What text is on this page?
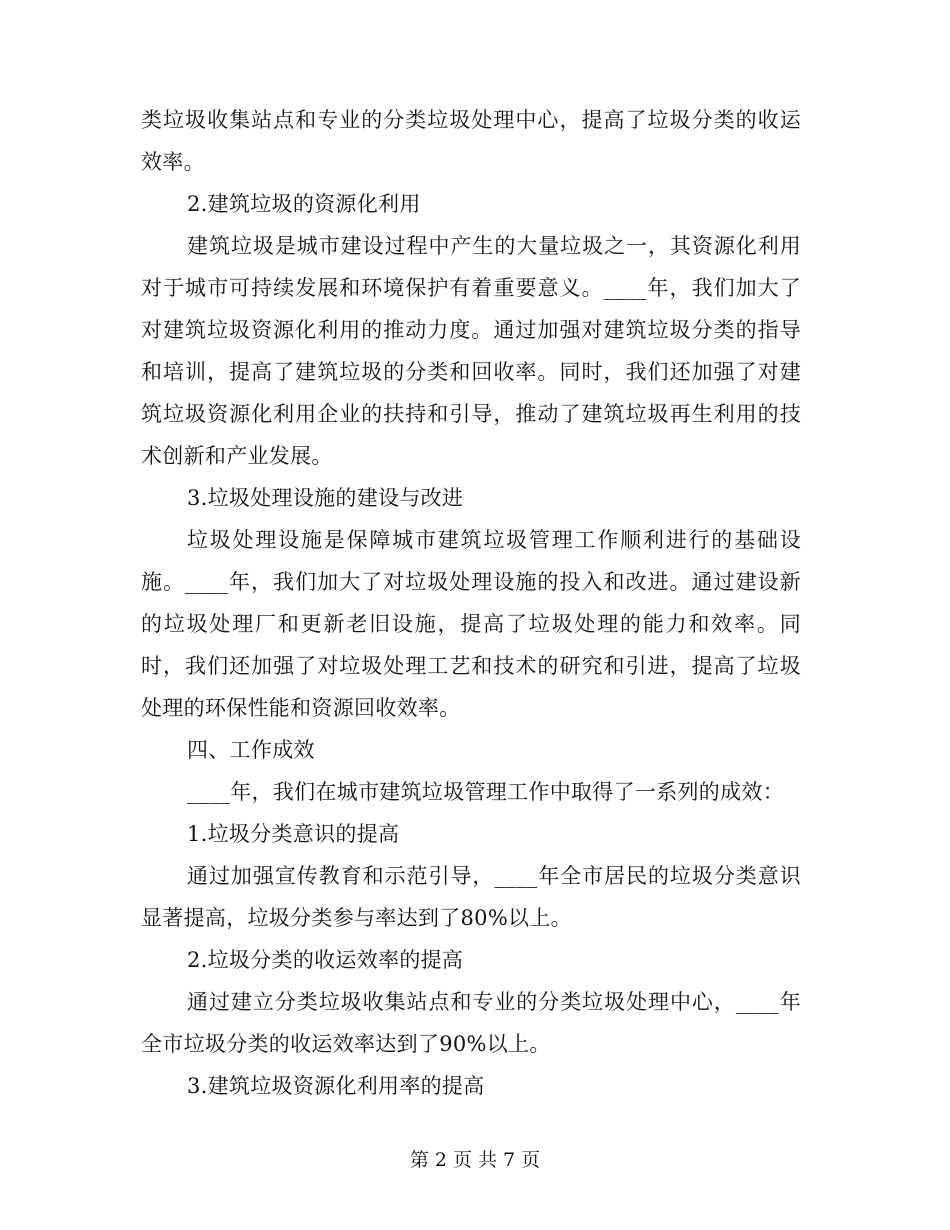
类垃圾收集站点和专业的分类垃圾处理中心，提高了垃圾分类的收运效率。

2.建筑垃圾的资源化利用

建筑垃圾是城市建设过程中产生的大量垃圾之一，其资源化利用对于城市可持续发展和环境保护有着重要意义。____年，我们加大了对建筑垃圾资源化利用的推动力度。通过加强对建筑垃圾分类的指导和培训，提高了建筑垃圾的分类和回收率。同时，我们还加强了对建筑垃圾资源化利用企业的扶持和引导，推动了建筑垃圾再生利用的技术创新和产业发展。

3.垃圾处理设施的建设与改进

垃圾处理设施是保障城市建筑垃圾管理工作顺利进行的基础设施。____年，我们加大了对垃圾处理设施的投入和改进。通过建设新的垃圾处理厂和更新老旧设施，提高了垃圾处理的能力和效率。同时，我们还加强了对垃圾处理工艺和技术的研究和引进，提高了垃圾处理的环保性能和资源回收效率。

四、工作成效

____年，我们在城市建筑垃圾管理工作中取得了一系列的成效：

1.垃圾分类意识的提高

通过加强宣传教育和示范引导，____年全市居民的垃圾分类意识显著提高，垃圾分类参与率达到了80%以上。

2.垃圾分类的收运效率的提高

通过建立分类垃圾收集站点和专业的分类垃圾处理中心，____年全市垃圾分类的收运效率达到了90%以上。

3.建筑垃圾资源化利用率的提高

第 2 页 共 7 页
